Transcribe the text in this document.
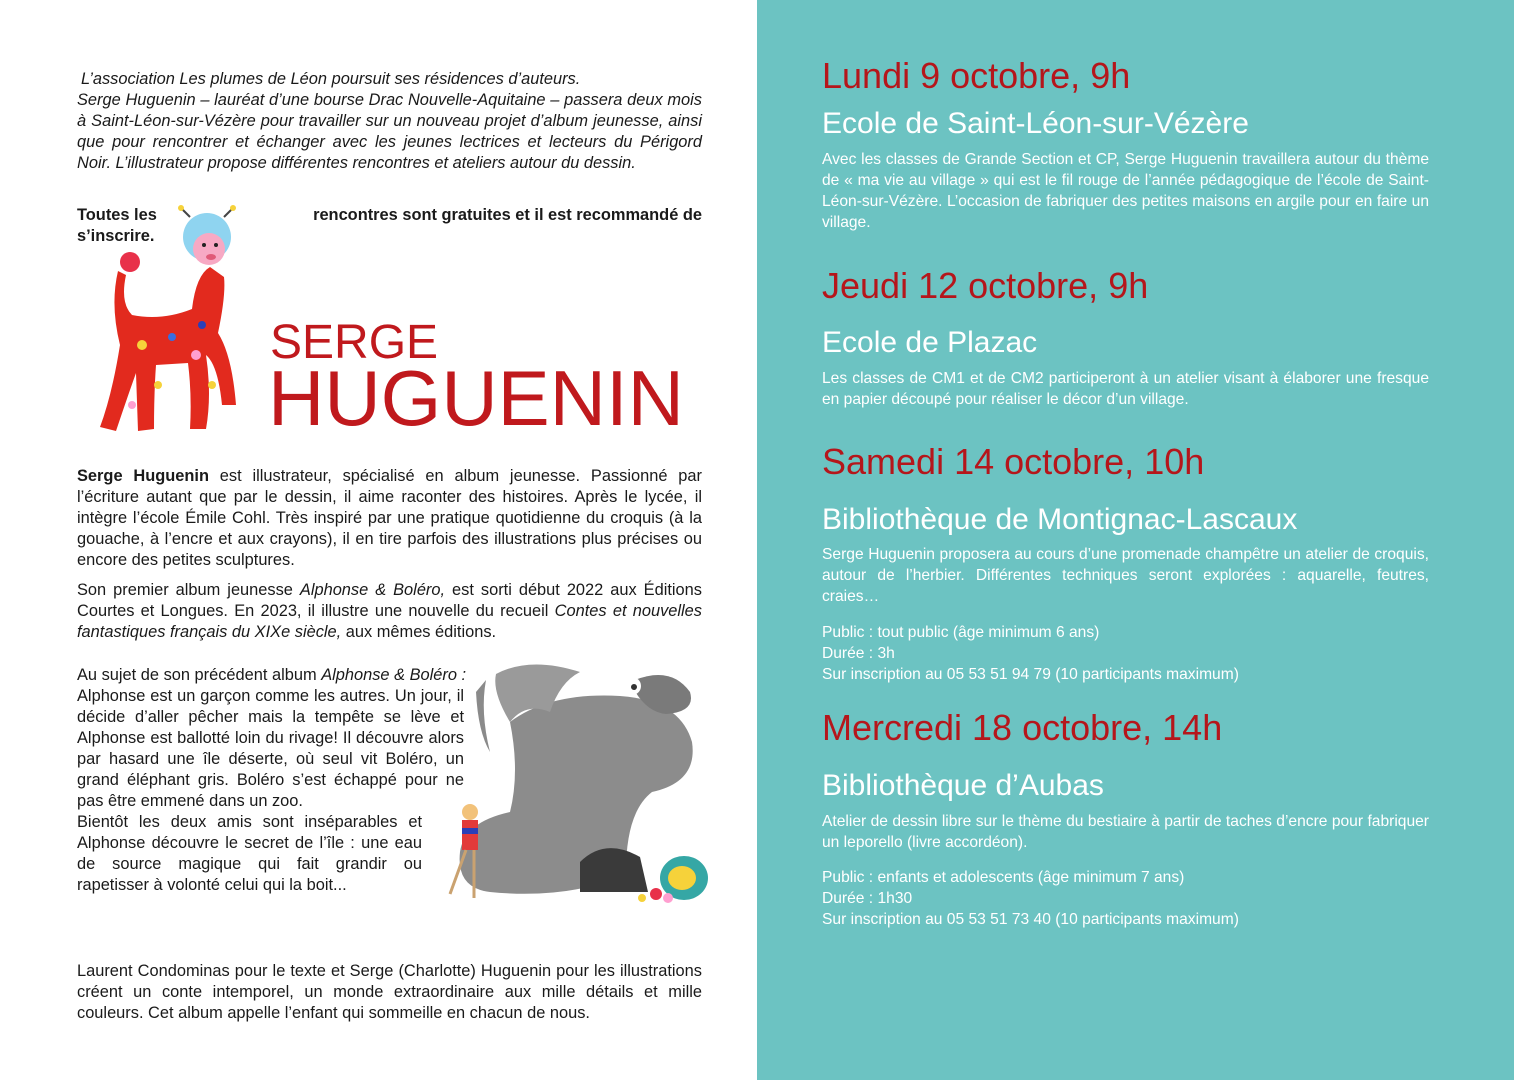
L’association Les plumes de Léon poursuit ses résidences d’auteurs.
Serge Huguenin – lauréat d’une bourse Drac Nouvelle-Aquitaine – passera deux mois à Saint-Léon-sur-Vézère pour travailler sur un nouveau projet d’album jeunesse, ainsi que pour rencontrer et échanger avec les jeunes lectrices et lecteurs du Périgord Noir. L’illustrateur propose différentes rencontres et ateliers autour du dessin.
Toutes les	rencontres sont gratuites et il est recommandé de
s’inscrire.
SERGE
HUGUENIN
Serge Huguenin est illustrateur, spécialisé en album jeunesse. Passionné par l’écriture autant que par le dessin, il aime raconter des histoires. Après le lycée, il intègre l’école Émile Cohl. Très inspiré par une pratique quotidienne du croquis (à la gouache, à l’encre et aux crayons), il en tire parfois des illustrations plus précises ou encore des petites sculptures.
Son premier album jeunesse Alphonse & Boléro, est sorti début 2022 aux Éditions Courtes et Longues. En 2023, il illustre une nouvelle du recueil Contes et nouvelles fantastiques français du XIXe siècle, aux mêmes éditions.
Au sujet de son précédent album Alphonse & Boléro :
Alphonse est un garçon comme les autres. Un jour, il décide d’aller pêcher mais la tempête se lève et Alphonse est ballotté loin du rivage! Il découvre alors par hasard une île déserte, où seul vit Boléro, un grand éléphant gris. Boléro s’est échappé pour ne pas être emmené dans un zoo.
Bientôt les deux amis sont inséparables et Alphonse découvre le secret de l’île : une eau de source magique qui fait grandir ou rapetisser à volonté celui qui la boit...
Laurent Condominas pour le texte et Serge (Charlotte) Huguenin pour les illustrations créent un conte intemporel, un monde extraordinaire aux mille détails et mille couleurs. Cet album appelle l’enfant qui sommeille en chacun de nous.
Lundi 9 octobre, 9h
Ecole de Saint-Léon-sur-Vézère

Avec les classes de Grande Section et CP, Serge Huguenin travaillera autour du thème de « ma vie au village » qui est le fil rouge de l’année pédagogique de l’école de Saint-Léon-sur-Vézère. L’occasion de fabriquer des petites maisons en argile pour en faire un village.

Jeudi 12 octobre, 9h
Ecole de Plazac

Les classes de CM1 et de CM2 participeront à un atelier visant à élaborer une fresque en papier découpé pour réaliser le décor d’un village.

Samedi 14 octobre, 10h
Bibliothèque de Montignac-Lascaux

Serge Huguenin proposera au cours d’une promenade champêtre un atelier de croquis, autour de l’herbier. Différentes techniques seront explorées : aquarelle, feutres, craies…

Public : tout public (âge minimum 6 ans)
Durée : 3h
Sur inscription au 05 53 51 94 79 (10 participants maximum)
Mercredi 18 octobre, 14h
Bibliothèque d’Aubas

Atelier de dessin libre sur le thème du bestiaire à partir de taches d’encre pour fabriquer un leporello (livre accordéon).

Public : enfants et adolescents (âge minimum 7 ans)
Durée : 1h30
Sur inscription au 05 53 51 73 40 (10 participants maximum)
